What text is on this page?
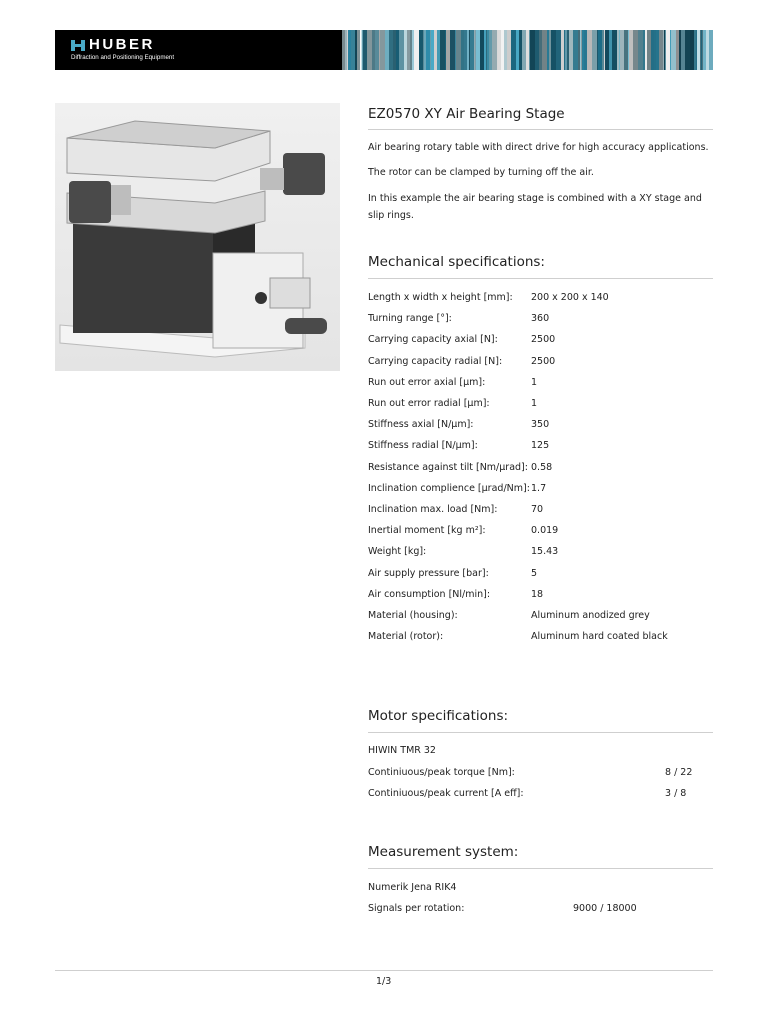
HUBER
Diffraction and Positioning Equipment
EZ0570 XY Air Bearing Stage
Air bearing rotary table with direct drive for high accuracy applications.
The rotor can be clamped by turning off the air.
In this example the air bearing stage is combined with a XY stage and slip rings.
Mechanical specifications:
Length x width x height [mm]: 200 x 200 x 140
Turning range [°]:	360
Carrying capacity axial [N]:	2500
Carrying capacity radial [N]:	2500
Run out error axial [µm]:	1
Run out error radial [µm]:	1
Stiffness axial [N/µm]:	350
Stiffness radial [N/µm]:	125
Resistance against tilt [Nm/µrad]: 0.58
Inclination complience [µrad/Nm]: 1.7
Inclination max. load [Nm]:	70
Inertial moment [kg m²]:	0.019
Weight [kg]:	15.43
Air supply pressure [bar]:	5
Air consumption [Nl/min]:	18
Material (housing):	Aluminum anodized grey
Material (rotor):	Aluminum hard coated black
Motor specifications:
HIWIN TMR 32
Continiuous/peak torque [Nm]:	8 / 22
Continiuous/peak current [A eff]:	3 / 8
Measurement system:
Numerik Jena RIK4
Signals per rotation:	9000 / 18000
1/3
